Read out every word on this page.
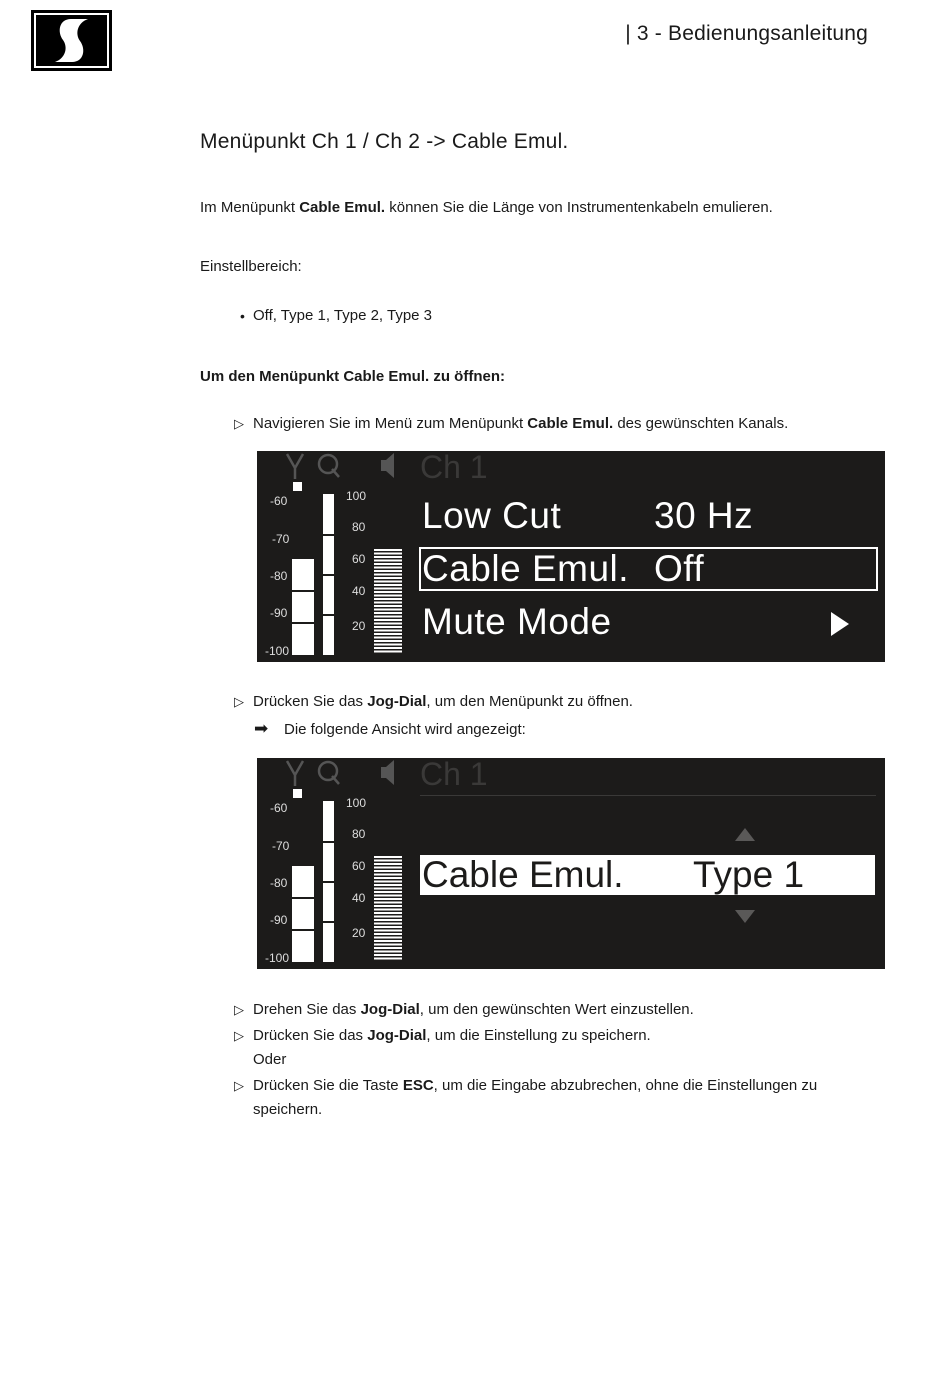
| 3 - Bedienungsanleitung
Menüpunkt Ch 1 / Ch 2 -> Cable Emul.
Im Menüpunkt Cable Emul. können Sie die Länge von Instrumentenkabeln emulieren.
Einstellbereich:
• Off, Type 1, Type 2, Type 3
Um den Menüpunkt Cable Emul. zu öffnen:
▷ Navigieren Sie im Menü zum Menüpunkt Cable Emul. des gewünschten Kanals.
-60
-70
-80
-90
-100
100
80
60
40
20
Ch 1
Low Cut	30 Hz
Cable Emul. Off
Mute Mode
▷ Drücken Sie das Jog-Dial, um den Menüpunkt zu öffnen.
➡ Die folgende Ansicht wird angezeigt:
-60
-70
-80
-90
-100
100
80
60
40
20
Ch 1
Cable Emul. Type 1
▷ Drehen Sie das Jog-Dial, um den gewünschten Wert einzustellen.
▷ Drücken Sie das Jog-Dial, um die Einstellung zu speichern.
Oder
▷ Drücken Sie die Taste ESC, um die Eingabe abzubrechen, ohne die Einstellungen zu speichern.
